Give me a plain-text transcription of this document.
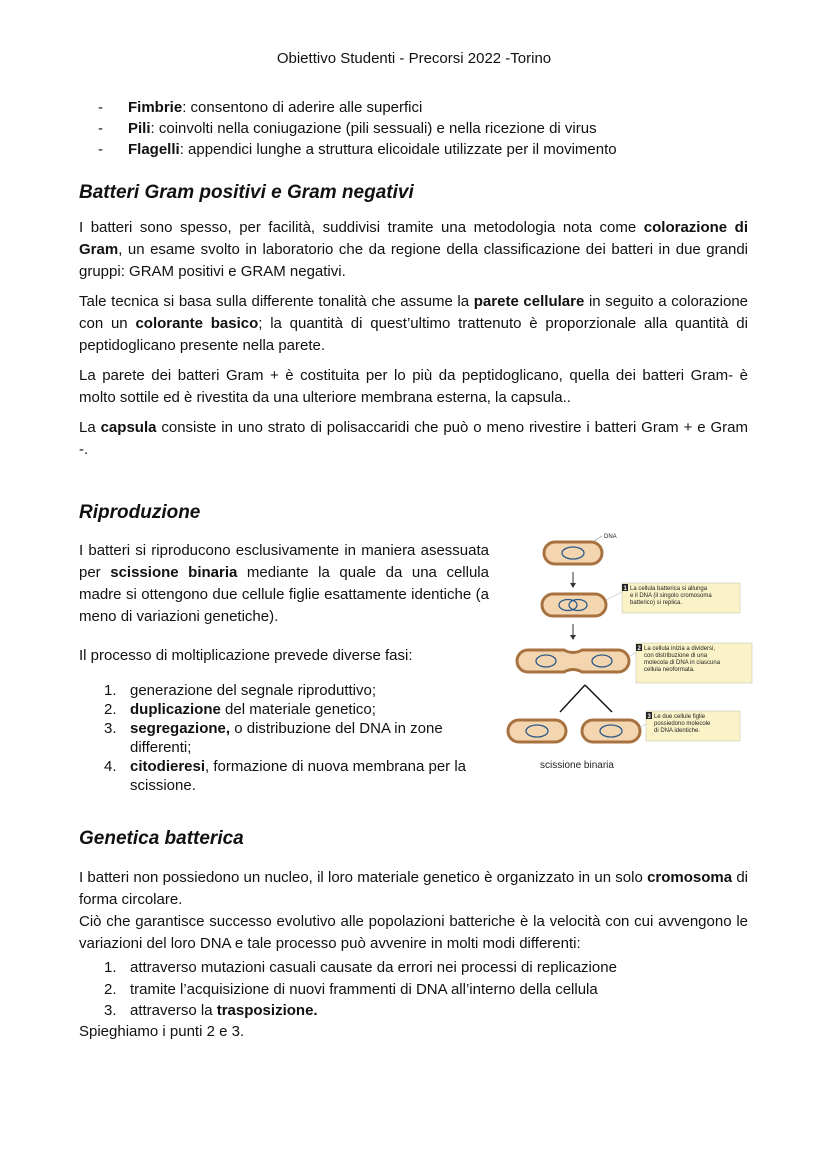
Obiettivo Studenti - Precorsi 2022 -Torino
-	Fimbrie: consentono di aderire alle superfici
-	Pili: coinvolti nella coniugazione (pili sessuali) e nella ricezione di virus
-	Flagelli: appendici lunghe a struttura elicoidale utilizzate per il movimento
Batteri Gram positivi e Gram negativi

I batteri sono spesso, per facilità, suddivisi tramite una metodologia nota come colorazione di Gram, un esame svolto in laboratorio che da regione della classificazione dei batteri in due grandi gruppi: GRAM positivi e GRAM negativi.

Tale tecnica si basa sulla differente tonalità che assume la parete cellulare in seguito a colorazione con un colorante basico; la quantità di quest’ultimo trattenuto è proporzionale alla quantità di peptidoglicano presente nella parete.

La parete dei batteri Gram + è costituita per lo più da peptidoglicano, quella dei batteri Gram- è molto sottile ed è rivestita da una ulteriore membrana esterna, la capsula..

La capsula consiste in uno strato di polisaccaridi che può o meno rivestire i batteri Gram + e Gram -.

Riproduzione

I batteri si riproducono esclusivamente in maniera asessuata per scissione binaria mediante la quale da una cellula madre si ottengono due cellule figlie esattamente identiche (a meno di variazioni genetiche).

Il processo di moltiplicazione prevede diverse fasi:

1. generazione del segnale riproduttivo;
2. duplicazione del materiale genetico;
3. segregazione, o distribuzione del DNA in zone differenti;
4. citodieresi, formazione di nuova membrana per la scissione.
DNA
1 La cellula batterica si allunga
e il DNA (il singolo cromosoma
batterico) si replica.
2 La cellula inizia a dividersi,
con distribuzione di una
molecola di DNA in ciascuna
cellula neoformata.
3 Le due cellule figlie
possiedono molecole
di DNA identiche.
scissione binaria
Genetica batterica

I batteri non possiedono un nucleo, il loro materiale genetico è organizzato in un solo cromosoma di forma circolare.

Ciò che garantisce successo evolutivo alle popolazioni batteriche è la velocità con cui avvengono le variazioni del loro DNA e tale processo può avvenire in molti modi differenti:

1. attraverso mutazioni casuali causate da errori nei processi di replicazione
2. tramite l’acquisizione di nuovi frammenti di DNA all’interno della cellula
3. attraverso la trasposizione.

Spieghiamo i punti 2 e 3.
